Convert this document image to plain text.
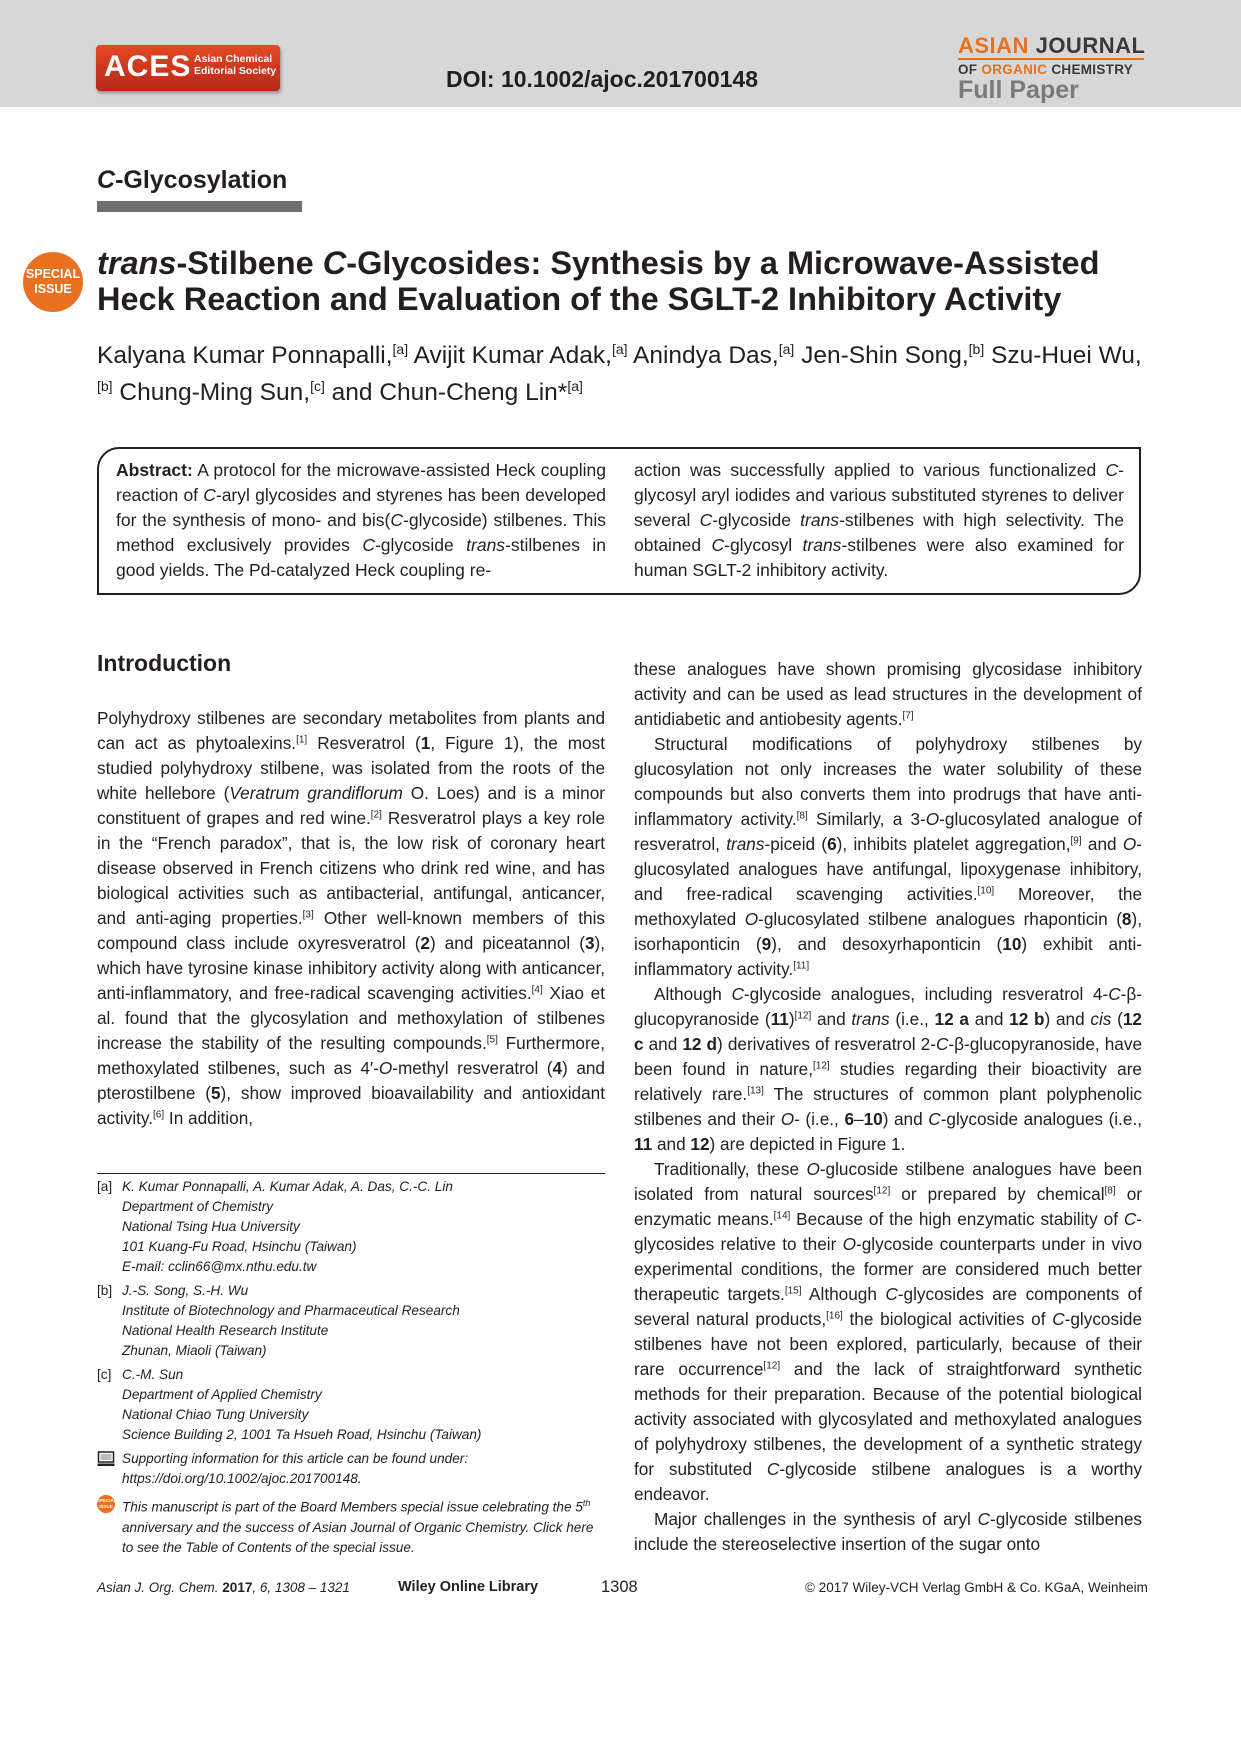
ACES Asian Chemical Editorial Society	DOI: 10.1002/ajoc.201700148
ASIAN JOURNAL
OF ORGANIC CHEMISTRY
Full Paper
C-Glycosylation
SPECIAL
ISSUE
trans-Stilbene C-Glycosides: Synthesis by a Microwave-Assisted Heck Reaction and Evaluation of the SGLT-2 Inhibitory Activity

Kalyana Kumar Ponnapalli,[a] Avijit Kumar Adak,[a] Anindya Das,[a] Jen-Shin Song,[b] Szu-Huei Wu,[b] Chung-Ming Sun,[c] and Chun-Cheng Lin*[a]

Abstract: A protocol for the microwave-assisted Heck coupling reaction of C-aryl glycosides and styrenes has been developed for the synthesis of mono- and bis(C-glycoside) stilbenes. This method exclusively provides C-glycoside trans-stilbenes in good yields. The Pd-catalyzed Heck coupling re-

action was successfully applied to various functionalized C-glycosyl aryl iodides and various substituted styrenes to deliver several C-glycoside trans-stilbenes with high selectivity. The obtained C-glycosyl trans-stilbenes were also examined for human SGLT-2 inhibitory activity.

Introduction

Polyhydroxy stilbenes are secondary metabolites from plants and can act as phytoalexins.[1] Resveratrol (1, Figure 1), the most studied polyhydroxy stilbene, was isolated from the roots of the white hellebore (Veratrum grandiflorum O. Loes) and is a minor constituent of grapes and red wine.[2] Resveratrol plays a key role in the “French paradox”, that is, the low risk of coronary heart disease observed in French citizens who drink red wine, and has biological activities such as antibacterial, antifungal, anticancer, and anti-aging properties.[3] Other well-known members of this compound class include oxyresveratrol (2) and piceatannol (3), which have tyrosine kinase inhibitory activity along with anticancer, anti-inflammatory, and free-radical scavenging activities.[4] Xiao et al. found that the glycosylation and methoxylation of stilbenes increase the stability of the resulting compounds.[5] Furthermore, methoxylated stilbenes, such as 4′-O-methyl resveratrol (4) and pterostilbene (5), show improved bioavailability and antioxidant activity.[6] In addition,

these analogues have shown promising glycosidase inhibitory activity and can be used as lead structures in the development of antidiabetic and antiobesity agents.[7]

Structural modifications of polyhydroxy stilbenes by glucosylation not only increases the water solubility of these compounds but also converts them into prodrugs that have anti-inflammatory activity.[8] Similarly, a 3-O-glucosylated analogue of resveratrol, trans-piceid (6), inhibits platelet aggregation,[9] and O-glucosylated analogues have antifungal, lipoxygenase inhibitory, and free-radical scavenging activities.[10] Moreover, the methoxylated O-glucosylated stilbene analogues rhaponticin (8), isorhaponticin (9), and desoxyrhaponticin (10) exhibit anti-inflammatory activity.[11]

Although C-glycoside analogues, including resveratrol 4-C-β-glucopyranoside (11)[12] and trans (i.e., 12 a and 12 b) and cis (12 c and 12 d) derivatives of resveratrol 2-C-β-glucopyranoside, have been found in nature,[12] studies regarding their bioactivity are relatively rare.[13] The structures of common plant polyphenolic stilbenes and their O- (i.e., 6–10) and C-glycoside analogues (i.e., 11 and 12) are depicted in Figure 1.

Traditionally, these O-glucoside stilbene analogues have been isolated from natural sources[12] or prepared by chemical[8] or enzymatic means.[14] Because of the high enzymatic stability of C-glycosides relative to their O-glycoside counterparts under in vivo experimental conditions, the former are considered much better therapeutic targets.[15] Although C-glycosides are components of several natural products,[16] the biological activities of C-glycoside stilbenes have not been explored, particularly, because of their rare occurrence[12] and the lack of straightforward synthetic methods for their preparation. Because of the potential biological activity associated with glycosylated and methoxylated analogues of polyhydroxy stilbenes, the development of a synthetic strategy for substituted C-glycoside stilbene analogues is a worthy endeavor.

Major challenges in the synthesis of aryl C-glycoside stilbenes include the stereoselective insertion of the sugar onto

[a] K. Kumar Ponnapalli, A. Kumar Adak, A. Das, C.-C. Lin
Department of Chemistry
National Tsing Hua University
101 Kuang-Fu Road, Hsinchu (Taiwan)
E-mail: cclin66@mx.nthu.edu.tw
[b] J.-S. Song, S.-H. Wu
Institute of Biotechnology and Pharmaceutical Research
National Health Research Institute
Zhunan, Miaoli (Taiwan)
[c] C.-M. Sun
Department of Applied Chemistry
National Chiao Tung University
Science Building 2, 1001 Ta Hsueh Road, Hsinchu (Taiwan)
Supporting information for this article can be found under:
https://doi.org/10.1002/ajoc.201700148.
SPECIAL
ISSUE This manuscript is part of the Board Members special issue celebrating the 5th anniversary and the success of Asian Journal of Organic Chemistry. Click here to see the Table of Contents of the special issue.
Asian J. Org. Chem. 2017, 6, 1308 – 1321	Wiley Online Library	1308	© 2017 Wiley-VCH Verlag GmbH & Co. KGaA, Weinheim
